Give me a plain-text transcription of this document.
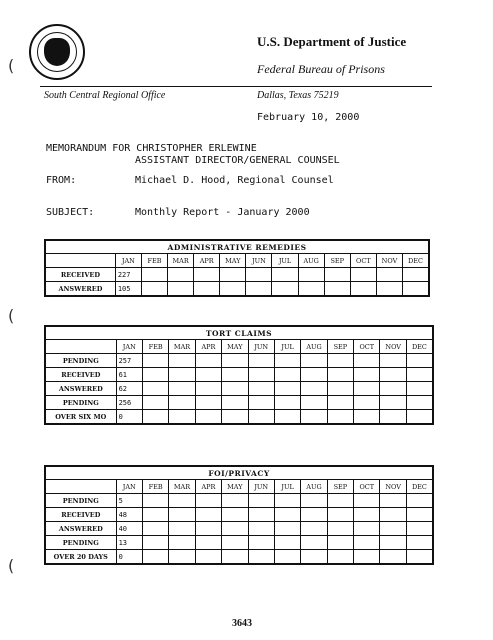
(
(
(
U.S. Department of Justice
Federal Bureau of Prisons
South Central Regional Office	Dallas, Texas 75219
February 10, 2000
MEMORANDUM FOR CHRISTOPHER ERLEWINE
ASSISTANT DIRECTOR/GENERAL COUNSEL
FROM:	Michael D. Hood, Regional Counsel
SUBJECT:	Monthly Report - January 2000
ADMINISTRATIVE REMEDIES												
	JAN	FEB	MAR	APR	MAY	JUN	JUL	AUG	SEP	OCT	NOV	DEC
RECEIVED	227											
ANSWERED	105											
TORT CLAIMS												
	JAN	FEB	MAR	APR	MAY	JUN	JUL	AUG	SEP	OCT	NOV	DEC
PENDING	257											
RECEIVED	61											
ANSWERED	62											
PENDING	256											
OVER SIX MO	0											
FOI/PRIVACY												
	JAN	FEB	MAR	APR	MAY	JUN	JUL	AUG	SEP	OCT	NOV	DEC
PENDING	5											
RECEIVED	48											
ANSWERED	40											
PENDING	13											
OVER 20 DAYS	0											
3643
